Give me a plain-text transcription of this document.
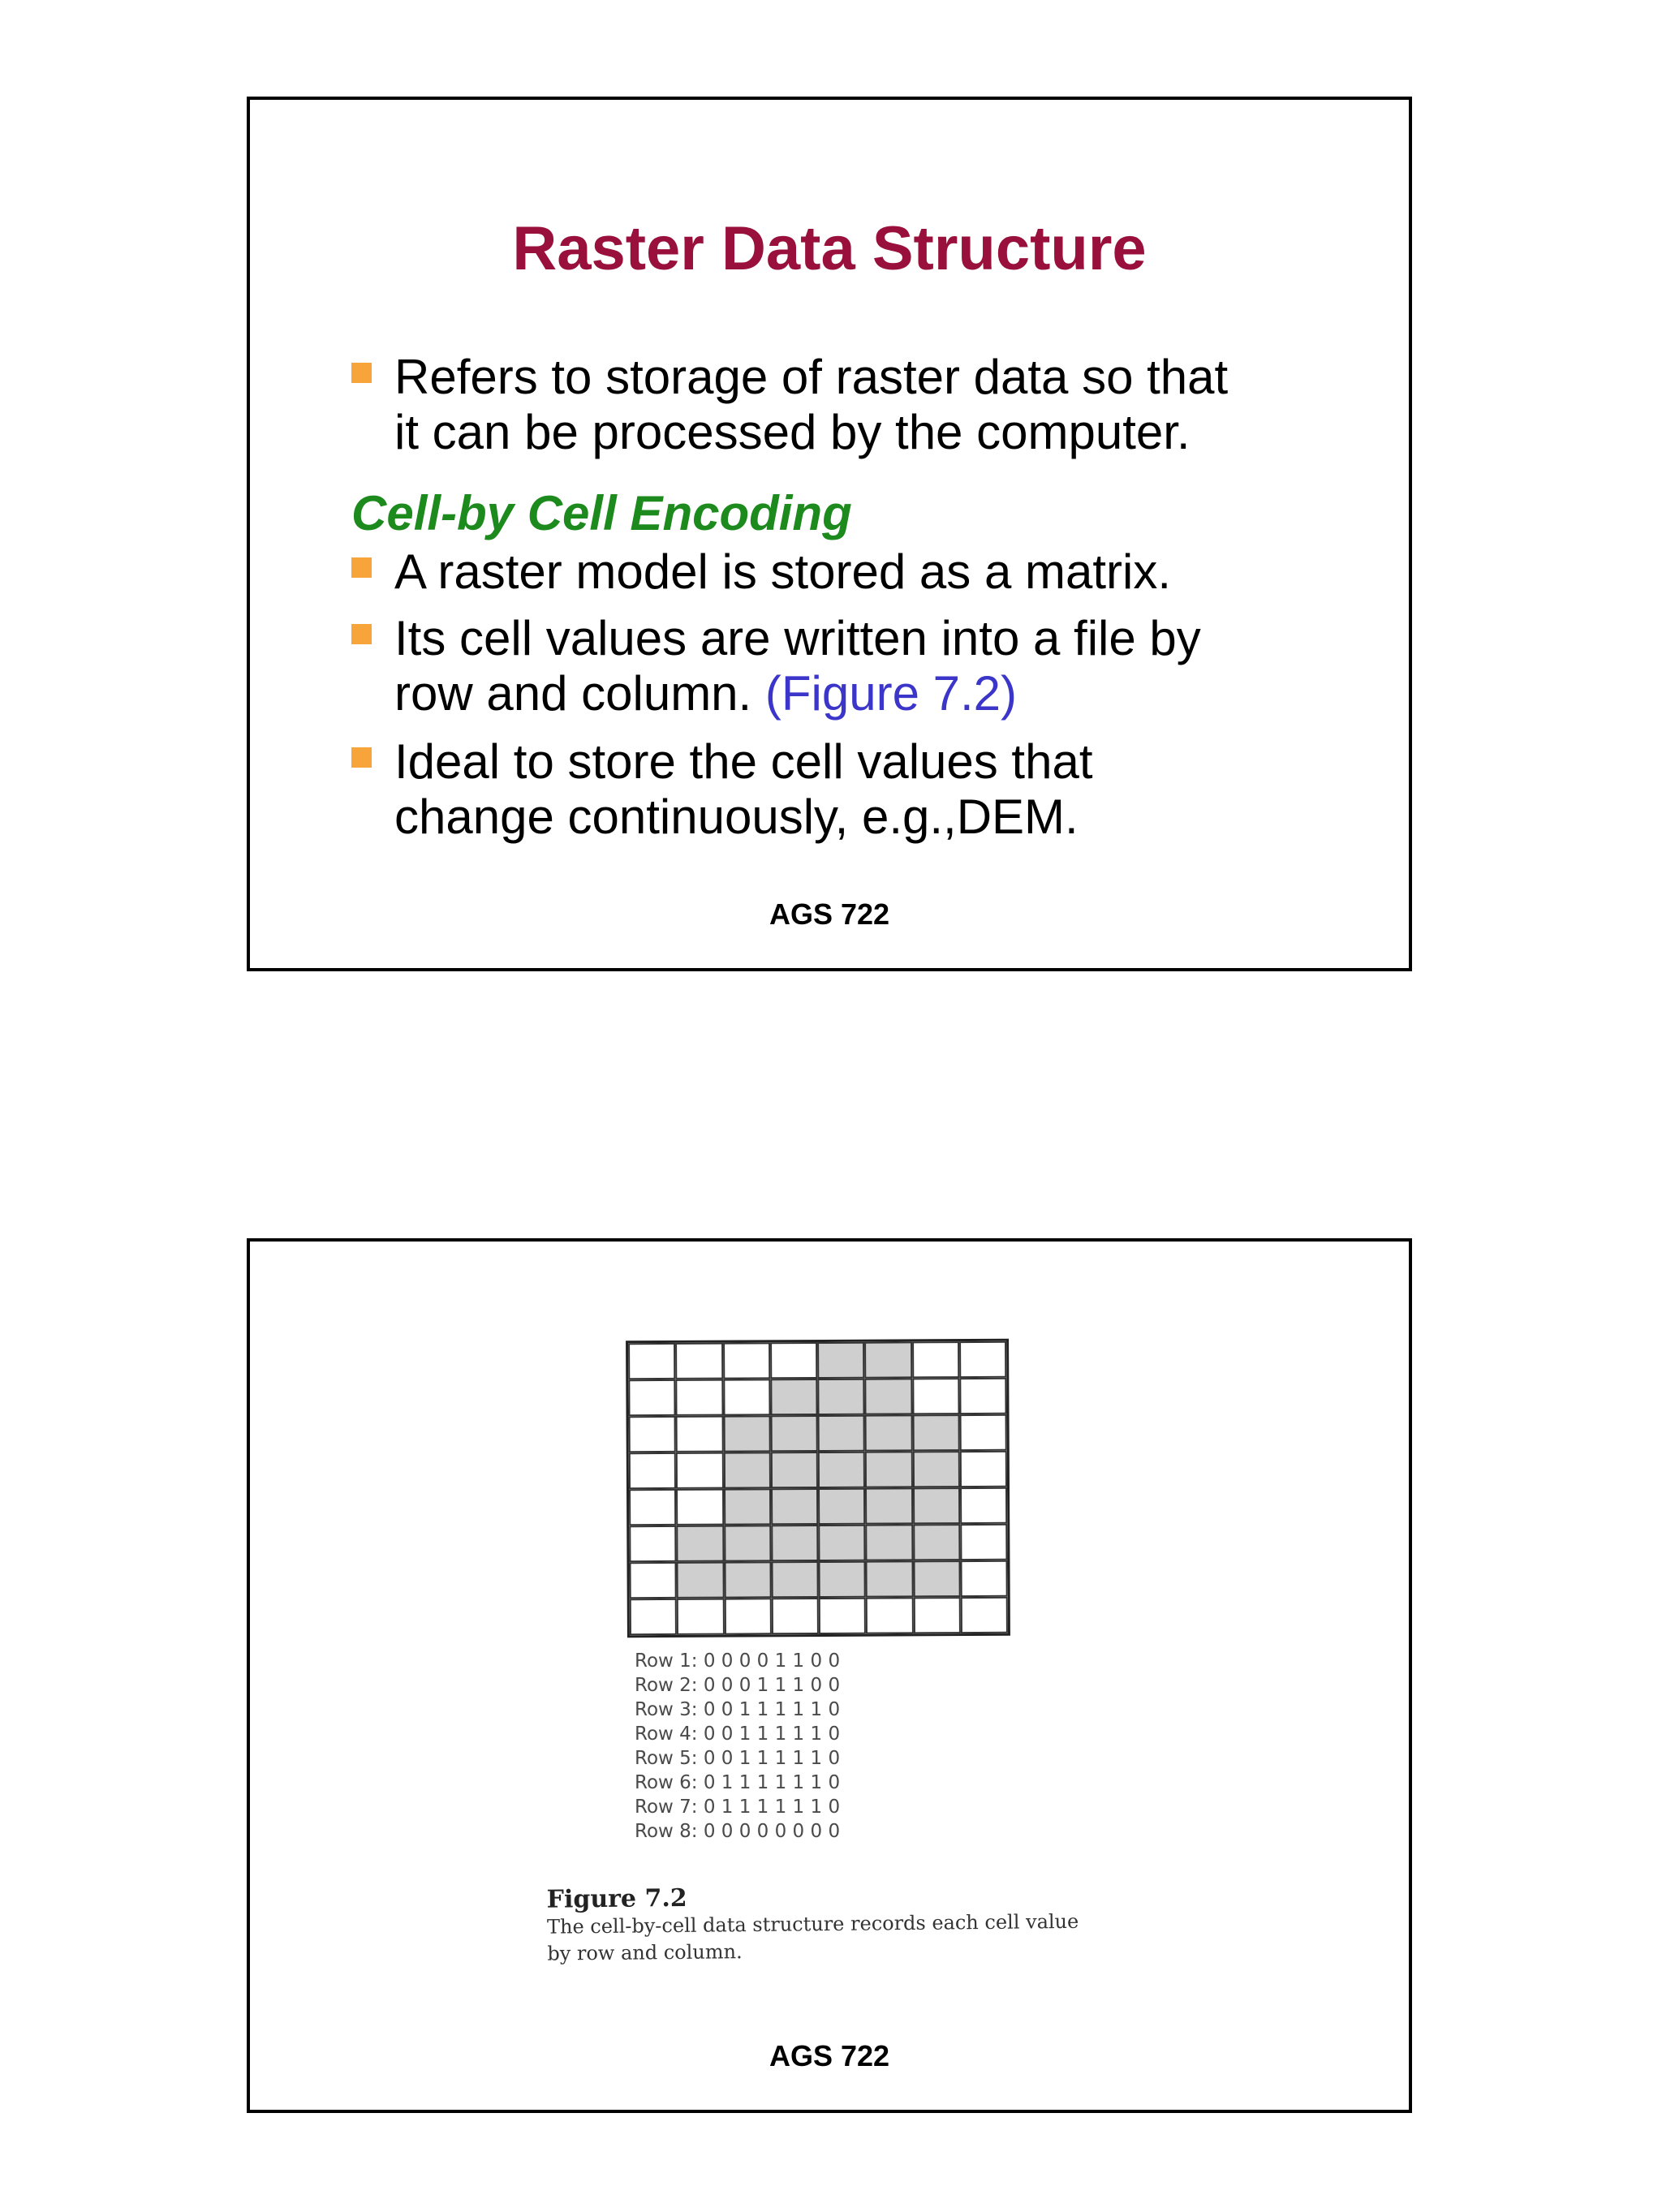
Raster Data Structure
Refers to storage of raster data so that
it can be processed by the computer.
Cell-by Cell Encoding
A raster model is stored as a matrix.
Its cell values are written into a file by
row and column. (Figure 7.2)
Ideal to store the cell values that
change continuously, e.g.,DEM.
AGS 722
Row 1: 0 0 0 0 1 1 0 0
Row 2: 0 0 0 1 1 1 0 0
Row 3: 0 0 1 1 1 1 1 0
Row 4: 0 0 1 1 1 1 1 0
Row 5: 0 0 1 1 1 1 1 0
Row 6: 0 1 1 1 1 1 1 0
Row 7: 0 1 1 1 1 1 1 0
Row 8: 0 0 0 0 0 0 0 0
Figure 7.2
The cell-by-cell data structure records each cell value
by row and column.
AGS 722
